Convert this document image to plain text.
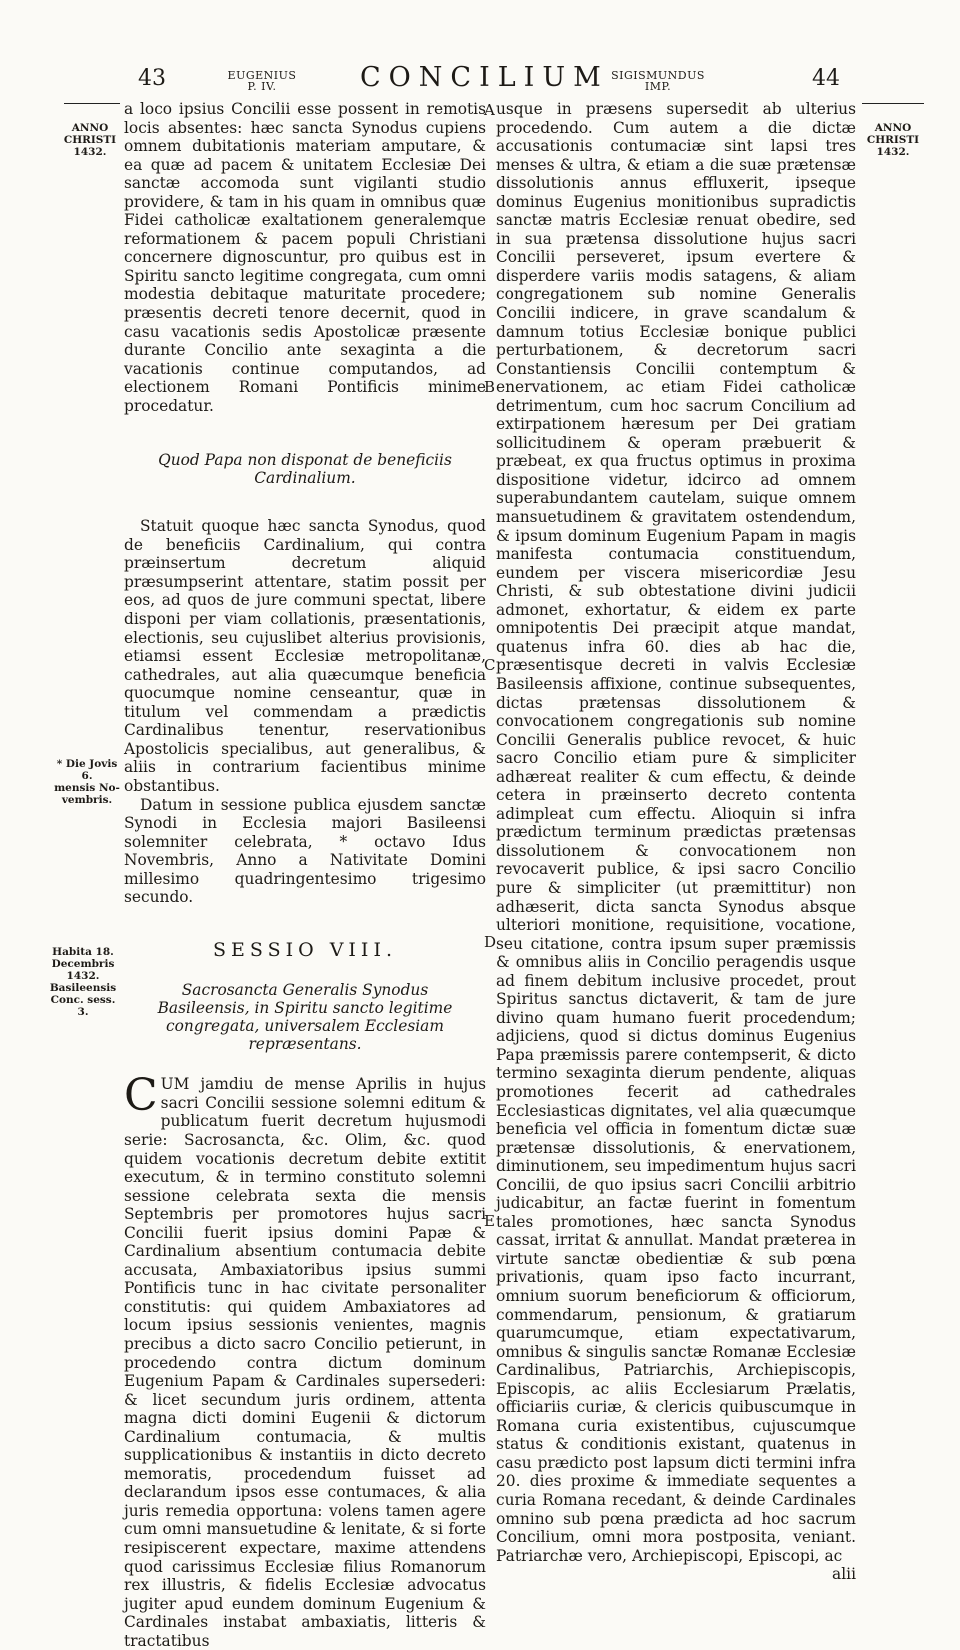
43	EUGENIUS
P. IV.	CONCILIUM SIGISMUNDUS
IMP.	44
ANNO
CHRISTI
1432.
ANNO
CHRISTI
1432.
* Die Jovis 6.
mensis No-
vembris.
Habita 18.
Decembris
1432.
Basileensis
Conc. sess. 3.
A
B
C
D
E

a loco ipsius Concilii esse possent in remotis locis absentes: hæc sancta Synodus cupiens omnem dubitationis materiam amputare, & ea quæ ad pacem & unitatem Ecclesiæ Dei sanctæ accomoda sunt vigilanti studio providere, & tam in his quam in omnibus quæ Fidei catholicæ exaltationem generalemque reformationem & pacem populi Christiani concernere dignoscuntur, pro quibus est in Spiritu sancto legitime congregata, cum omni modestia debitaque maturitate procedere; præsentis decreti tenore decernit, quod in casu vacationis sedis Apostolicæ præsente durante Concilio ante sexaginta a die vacationis continue computandos, ad electionem Romani Pontificis minime procedatur.

Quod Papa non disponat de beneficiis Cardinalium.

Statuit quoque hæc sancta Synodus, quod de beneficiis Cardinalium, qui contra præinsertum decretum aliquid præsumpserint attentare, statim possit per eos, ad quos de jure communi spectat, libere disponi per viam collationis, præsentationis, electionis, seu cujuslibet alterius provisionis, etiamsi essent Ecclesiæ metropolitanæ, cathedrales, aut alia quæcumque beneficia quocumque nomine censeantur, quæ in titulum vel commendam a prædictis Cardinalibus tenentur, reservationibus Apostolicis specialibus, aut generalibus, & aliis in contrarium facientibus minime obstantibus.

Datum in sessione publica ejusdem sanctæ Synodi in Ecclesia majori Basileensi solemniter celebrata, * octavo Idus Novembris, Anno a Nativitate Domini millesimo quadringentesimo trigesimo secundo.

SESSIO VIII.
Sacrosancta Generalis Synodus Basileensis, in Spiritu sancto legitime congregata, universalem Ecclesiam repræsentans.

CUM jamdiu de mense Aprilis in hujus sacri Concilii sessione solemni editum & publicatum fuerit decretum hujusmodi serie: Sacrosancta, &c. Olim, &c. quod quidem vocationis decretum debite extitit executum, & in termino constituto solemni sessione celebrata sexta die mensis Septembris per promotores hujus sacri Concilii fuerit ipsius domini Papæ & Cardinalium absentium contumacia debite accusata, Ambaxiatoribus ipsius summi Pontificis tunc in hac civitate personaliter constitutis: qui quidem Ambaxiatores ad locum ipsius sessionis venientes, magnis precibus a dicto sacro Concilio petierunt, in procedendo contra dictum dominum Eugenium Papam & Cardinales supersederi: & licet secundum juris ordinem, attenta magna dicti domini Eugenii & dictorum Cardinalium contumacia, & multis supplicationibus & instantiis in dicto decreto memoratis, procedendum fuisset ad declarandum ipsos esse contumaces, & alia juris remedia opportuna: volens tamen agere cum omni mansuetudine & lenitate, & si forte resipiscerent expectare, maxime attendens quod carissimus Ecclesiæ filius Romanorum rex illustris, & fidelis Ecclesiæ advocatus jugiter apud eundem dominum Eugenium & Cardinales instabat ambaxiatis, litteris & tractatibus

usque in præsens supersedit ab ulterius procedendo. Cum autem a die dictæ accusationis contumaciæ sint lapsi tres menses & ultra, & etiam a die suæ prætensæ dissolutionis annus effluxerit, ipseque dominus Eugenius monitionibus supradictis sanctæ matris Ecclesiæ renuat obedire, sed in sua prætensa dissolutione hujus sacri Concilii perseveret, ipsum evertere & disperdere variis modis satagens, & aliam congregationem sub nomine Generalis Concilii indicere, in grave scandalum & damnum totius Ecclesiæ bonique publici perturbationem, & decretorum sacri Constantiensis Concilii contemptum & enervationem, ac etiam Fidei catholicæ detrimentum, cum hoc sacrum Concilium ad extirpationem hæresum per Dei gratiam sollicitudinem & operam præbuerit & præbeat, ex qua fructus optimus in proxima dispositione videtur, idcirco ad omnem superabundantem cautelam, suique omnem mansuetudinem & gravitatem ostendendum, & ipsum dominum Eugenium Papam in magis manifesta contumacia constituendum, eundem per viscera misericordiæ Jesu Christi, & sub obtestatione divini judicii admonet, exhortatur, & eidem ex parte omnipotentis Dei præcipit atque mandat, quatenus infra 60. dies ab hac die, præsentisque decreti in valvis Ecclesiæ Basileensis affixione, continue subsequentes, dictas prætensas dissolutionem & convocationem congregationis sub nomine Concilii Generalis publice revocet, & huic sacro Concilio etiam pure & simpliciter adhæreat realiter & cum effectu, & deinde cetera in præinserto decreto contenta adimpleat cum effectu. Alioquin si infra prædictum terminum prædictas prætensas dissolutionem & convocationem non revocaverit publice, & ipsi sacro Concilio pure & simpliciter (ut præmittitur) non adhæserit, dicta sancta Synodus absque ulteriori monitione, requisitione, vocatione, seu citatione, contra ipsum super præmissis & omnibus aliis in Concilio peragendis usque ad finem debitum inclusive procedet, prout Spiritus sanctus dictaverit, & tam de jure divino quam humano fuerit procedendum; adjiciens, quod si dictus dominus Eugenius Papa præmissis parere contempserit, & dicto termino sexaginta dierum pendente, aliquas promotiones fecerit ad cathedrales Ecclesiasticas dignitates, vel alia quæcumque beneficia vel officia in fomentum dictæ suæ prætensæ dissolutionis, & enervationem, diminutionem, seu impedimentum hujus sacri Concilii, de quo ipsius sacri Concilii arbitrio judicabitur, an factæ fuerint in fomentum tales promotiones, hæc sancta Synodus cassat, irritat & annullat. Mandat præterea in virtute sanctæ obedientiæ & sub pœna privationis, quam ipso facto incurrant, omnium suorum beneficiorum & officiorum, commendarum, pensionum, & gratiarum quarumcumque, etiam expectativarum, omnibus & singulis sanctæ Romanæ Ecclesiæ Cardinalibus, Patriarchis, Archiepiscopis, Episcopis, ac aliis Ecclesiarum Prælatis, officiariis curiæ, & clericis quibuscumque in Romana curia existentibus, cujuscumque status & conditionis existant, quatenus in casu prædicto post lapsum dicti termini infra 20. dies proxime & immediate sequentes a curia Romana recedant, & deinde Cardinales omnino sub pœna prædicta ad hoc sacrum Concilium, omni mora postposita, veniant. Patriarchæ vero, Archiepiscopi, Episcopi, ac

alii
